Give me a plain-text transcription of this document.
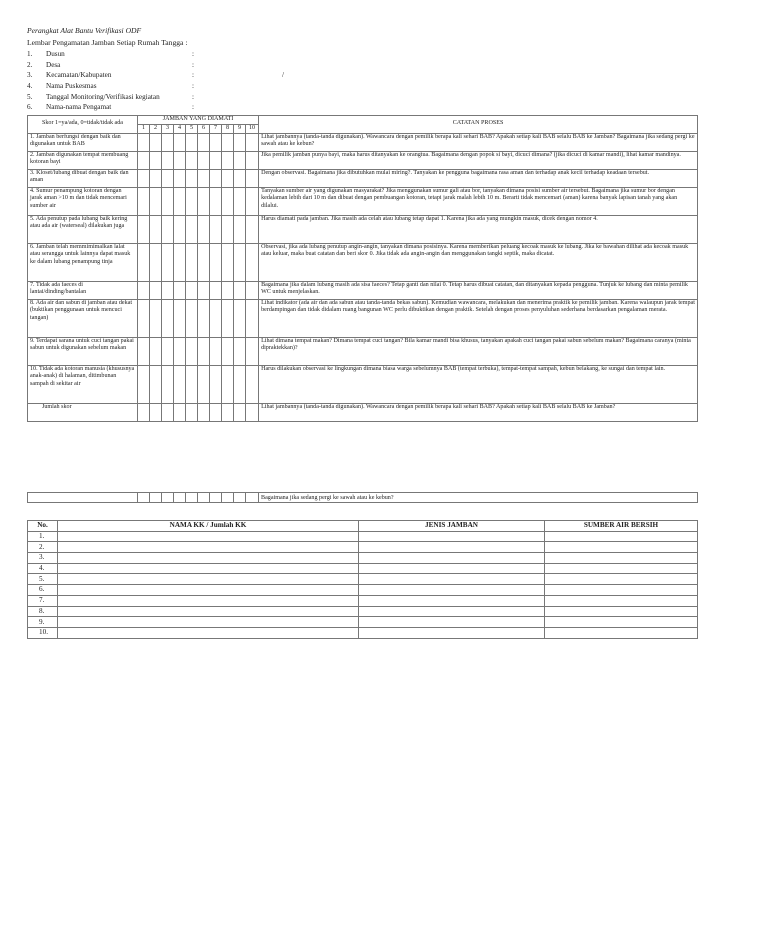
Perangkat Alat Bantu Verifikasi ODF
Lembar Pengamatan Jamban Setiap Rumah Tangga :
1.	Dusun	:
2.	Desa	:
3.	Kecamatan/Kabupaten	:	/
4.	Nama Puskesmas	:
5.	Tanggal Monitoring/Verifikasi kegiatan	:
6.	Nama-nama Pengamat	:
Skor 1=ya/ada, 0=tidak/tidak ada	JAMBAN YANG DIAMATI										CATATAN PROSES
	1	2	3	4	5	6	7	8	9	10	
1. Jamban berfungsi dengan baik dan digunakan untuk BAB											Lihat jambannya (tanda-tanda digunakan). Wawancara dengan pemilik berapa kali sehari BAB? Apakah setiap kali BAB selalu BAB ke Jamban? Bagaimana jika sedang pergi ke sawah atau ke kebun?
2. Jamban digunakan tempat membuang kotoran bayi											Jika pemilik jamban punya bayi, maka harus ditanyakan ke orangtua. Bagaimana dengan popok si bayi, dicuci dimana? (jika dicuci di kamar mandi), lihat kamar mandinya.
3. Kloset/lubang dibuat dengan baik dan aman											Dengan observasi. Bagaimana jika dibutuhkan mulai miring?. Tanyakan ke pengguna bagaimana rasa aman dan terhadap anak kecil terhadap keadaan tersebut.
4. Sumur penampung kotoran dengan jarak aman >10 m dan tidak mencemari sumber air											Tanyakan sumber air yang digunakan masyarakat? Jika menggunakan sumur gali atau bor, tanyakan dimana posisi sumber air tersebut. Bagaimana jika sumur bor dengan kedalaman lebih dari 10 m dan dibuat dengan pembuangan kotoran, tetapi jarak malah lebih 10 m. Berarti tidak mencemari (aman) karena banyak lapisan tanah yang akan dilalui.
5. Ada penutup pada lubang baik kering atau ada air (waterseal) dilakukan juga											Harus diamati pada jamban. Jika masih ada celah atau lubang tetap dapat 1. Karena jika ada yang mungkin masuk, dicek dengan nomor 4.
6. Jamban telah memmimimalkan lalat atau serangga untuk lainnya dapat masuk ke dalam lubang penampung tinja											Observasi, jika ada lubang penutup angin-angin, tanyakan dimana posisinya. Karena memberikan peluang kecoak masuk ke lubang. Jika ke bawahan dilihat ada kecoak masuk atau keluar, maka buat catatan dan beri skor 0. Jika tidak ada angin-angin dan menggunakan tangki septik, maka dicatat.
7. Tidak ada faeces di lantai/dinding/bantalan											Bagaimana jika dalam lubang masih ada sisa faeces? Tetap ganti dan nilai 0. Tetap harus dibuat catatan, dan ditanyakan kepada pengguna. Tunjuk ke lubang dan minta pemilik WC untuk menjelaskan.
8. Ada air dan sabun di jamban atau dekat (buktikan penggunaan untuk mencuci tangan)											Lihat indikator (ada air dan ada sabun atau tanda-tanda bekas sabun). Kemudian wawancara, melakukan dan menerima praktik ke pemilik jamban. Karena walaupun jarak tempat berdampingan dan tidak didalam ruang bangunan WC perlu dibuktikan dengan praktik. Setelah dengan proses penyuluhan sederhana berdasarkan pengalaman merata.
9. Terdapat sarana untuk cuci tangan pakai sabun untuk digunakan sebelum makan											Lihat dimana tempat makan? Dimana tempat cuci tangan? Bila kamar mandi bisa khusus, tanyakan apakah cuci tangan pakai sabun sebelum makan? Bagaimana caranya (minta dipraktekkan)?
10. Tidak ada kotoran manusia (khususnya anak-anak) di halaman, ditimbunan sampah di sekitar air											Harus dilakukan observasi ke lingkungan dimana biasa warga sebelumnya BAB (tempat terbuka), tempat-tempat sampah, kebun belakang, ke sungai dan tempat lain.
Jumlah skor											Lihat jambannya (tanda-tanda digunakan). Wawancara dengan pemilik berapa kali sehari BAB? Apakah setiap kali BAB selalu BAB ke Jamban?
											Bagaimana jika sedang pergi ke sawah atau ke kebun?
No.	NAMA KK / Jumlah KK	JENIS JAMBAN	SUMBER AIR BERSIH
1.			
2.			
3.			
4.			
5.			
6.			
7.			
8.			
9.			
10.			
